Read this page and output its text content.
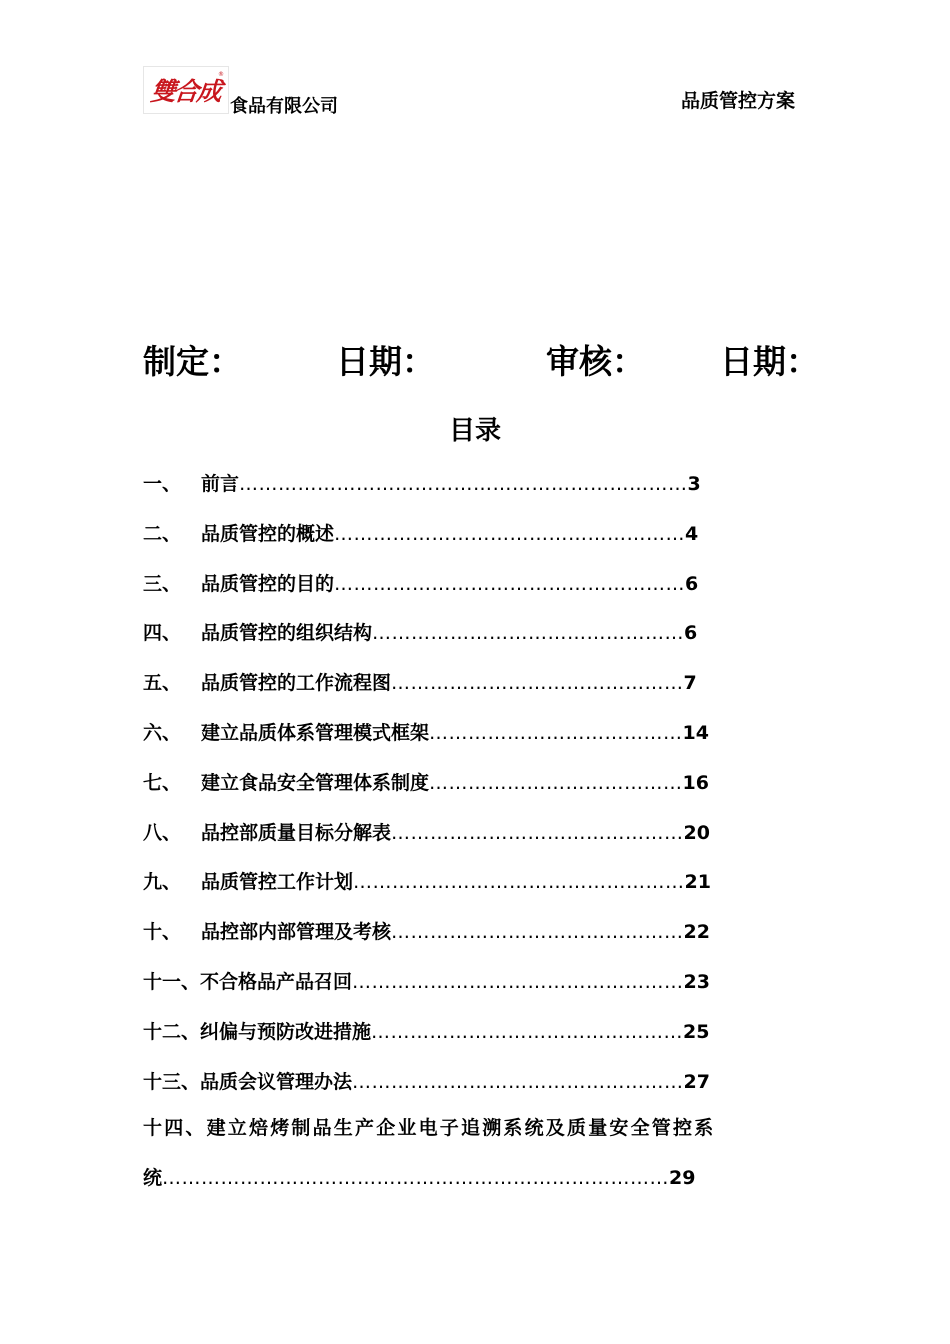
雙合成
®
食品有限公司	品质管控方案
制定：	日期：	审核： 日期：
目录
一、 前言……………………………………………………………3
二、 品质管控的概述………………………………………………4
三、 品质管控的目的………………………………………………6
四、 品质管控的组织结构…………………………………………6
五、 品质管控的工作流程图………………………………………7
六、 建立品质体系管理模式框架…………………………………14
七、 建立食品安全管理体系制度…………………………………16
八、 品控部质量目标分解表………………………………………20
九、 品质管控工作计划……………………………………………21
十、 品控部内部管理及考核………………………………………22
十一、不合格品产品召回……………………………………………23
十二、纠偏与预防改进措施…………………………………………25
十三、品质会议管理办法……………………………………………27
十四、建立焙烤制品生产企业电子追溯系统及质量安全管控系
统……………………………………………………………………29
